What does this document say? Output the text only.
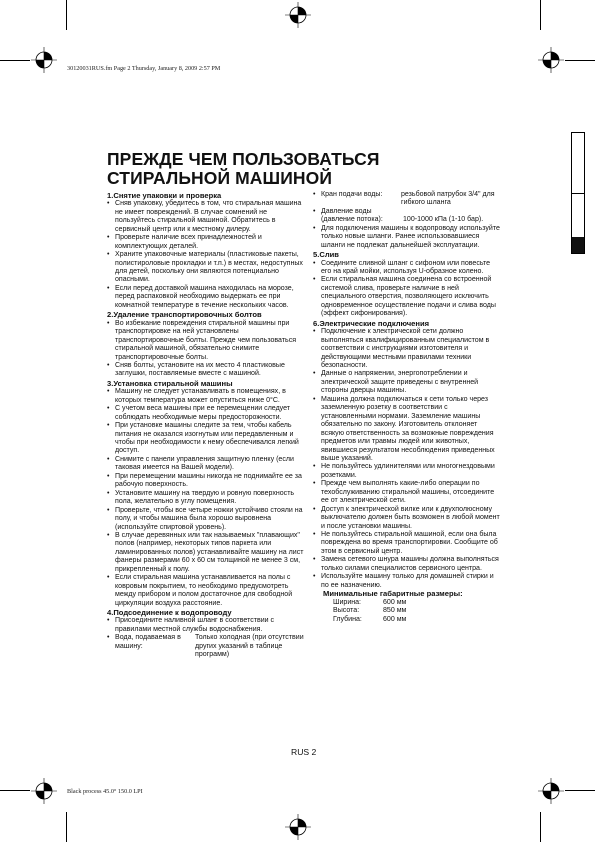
30120031RUS.fm Page 2 Thursday, January 8, 2009 2:57 PM
Black process 45.0° 150.0 LPI
ПРЕЖДЕ ЧЕМ ПОЛЬЗОВАТЬСЯ
СТИРАЛЬНОЙ МАШИНОЙ

1.Снятие упаковки и проверка

• Сняв упаковку, убедитесь в том, что стиральная машина не имеет повреждений. В случае сомнений не пользуйтесь стиральной машиной. Обратитесь в сервисный центр или к местному дилеру.
• Проверьте наличие всех принадлежностей и комплектующих деталей.
• Храните упаковочные материалы (пластиковые пакеты, полистироловые прокладки и т.п.) в местах, недоступных для детей, поскольку они являются потенциально опасными.
• Если перед доставкой машина находилась на морозе, перед распаковкой необходимо выдержать ее при комнатной температуре в течение нескольких часов.

2.Удаление транспортировочных болтов

• Во избежание повреждения стиральной машины при транспортировке на ней установлены транспортировочные болты. Прежде чем пользоваться стиральной машиной, обязательно снимите транспортировочные болты.
• Сняв болты, установите на их место 4 пластиковые заглушки, поставляемые вместе с машиной.

3.Установка стиральной машины

• Машину не следует устанавливать в помещениях, в которых температура может опуститься ниже 0°C.
• С учетом веса машины при ее перемещении следует соблюдать необходимые меры предосторожности.
• При установке машины следите за тем, чтобы кабель питания не оказался изогнутым или передавленным и чтобы при необходимости к нему обеспечивался легкий доступ.
• Снимите с панели управления защитную пленку (если таковая имеется на Вашей модели).
• При перемещении машины никогда не поднимайте ее за рабочую поверхность.
• Установите машину на твердую и ровную поверхность пола, желательно в углу помещения.
• Проверьте, чтобы все четыре ножки устойчиво стояли на полу, и чтобы машина была хорошо выровнена (используйте спиртовой уровень).
• В случае деревянных или так называемых "плавающих" полов (например, некоторых типов паркета или ламинированных полов) устанавливайте машину на лист фанеры размерами 60 x 60 см толщиной не менее 3 см, прикрепленный к полу.
• Если стиральная машина устанавливается на полы с ковровым покрытием, то необходимо предусмотреть между прибором и полом достаточное для свободной циркуляции воздуха расстояние.

4.Подсоединение к водопроводу

• Присоедините наливной шланг в соответствии с правилами местной службы водоснабжения.
• Вода, подаваемая в машину:
Только холодная (при отсутствии других указаний в таблице программ)
• Кран подачи воды:	резьбовой патрубок 3/4" для гибкого шланга
• Давление воды (давление потока):	100-1000 кПа (1-10 бар).
• Для подключения машины к водопроводу используйте только новые шланги. Ранее использовавшиеся шланги не подлежат дальнейшей эксплуатации.

5.Слив

• Соедините сливной шланг с сифоном или повесьте его на край мойки, используя U-образное колено.
• Если стиральная машина соединена со встроенной системой слива, проверьте наличие в ней специального отверстия, позволяющего исключить одновременное осуществление подачи и слива воды (эффект сифонирования).

6.Электрические подключения

• Подключение к электрической сети должно выполняться квалифицированным специалистом в соответствии с инструкциями изготовителя и действующими местными правилами техники безопасности.
• Данные о напряжении, энергопотреблении и электрической защите приведены с внутренней стороны дверцы машины.
• Машина должна подключаться к сети только через заземленную розетку в соответствии с установленными нормами. Заземление машины обязательно по закону. Изготовитель отклоняет всякую ответственность за возможные повреждения предметов или травмы людей или животных, явившиеся результатом несоблюдения приведенных выше указаний.
• Не пользуйтесь удлинителями или многогнездовыми розетками.
• Прежде чем выполнять какие-либо операции по техобслуживанию стиральной машины, отсоедините ее от электрической сети.
• Доступ к электрической вилке или к двухполюсному выключателю должен быть возможен в любой момент и после установки машины.
• Не пользуйтесь стиральной машиной, если она была повреждена во время транспортировки. Сообщите об этом в сервисный центр.
• Замена сетевого шнура машины должна выполняться только силами специалистов сервисного центра.
• Используйте машину только для домашней стирки и по ее назначению.
Минимальные габаритные размеры:
Ширина:	600 мм
Высота:	850 мм
Глубина:	600 мм
RUS 2
